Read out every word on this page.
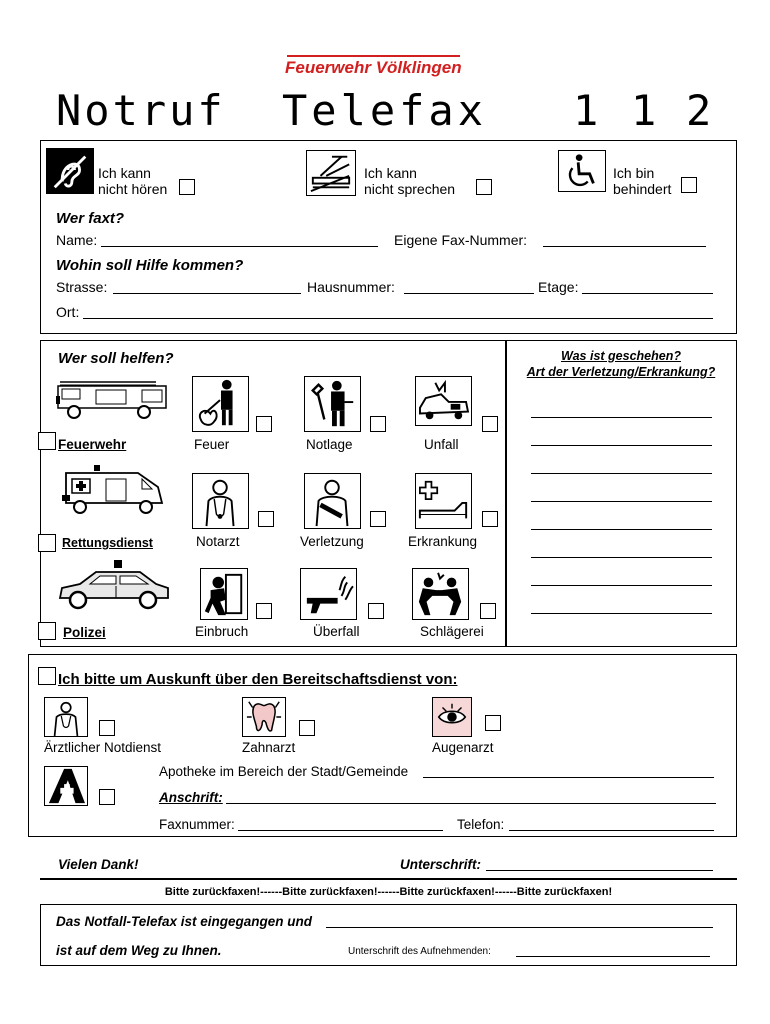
Feuerwehr Völklingen
Notruf Telefax 1 1 2
Ich kann
nicht hören
Ich kann
nicht sprechen
Ich bin
behindert
Wer faxt?
Name:	Eigene Fax-Nummer:
Wohin soll Hilfe kommen?
Strasse:	Hausnummer:	Etage:
Ort:
Wer soll helfen?
Feuerwehr	Feuer	Notlage	Unfall
Rettungsdienst	Notarzt	Verletzung	Erkrankung
Polizei	Einbruch	Überfall	Schlägerei
Was ist geschehen?
Art der Verletzung/Erkrankung?
Ich bitte um Auskunft über den Bereitschaftsdienst von:
Ärztlicher Notdienst	Zahnarzt	Augenarzt
Apotheke im Bereich der Stadt/Gemeinde
Anschrift:
Faxnummer:	Telefon:
Vielen Dank!	Unterschrift:
Bitte zurückfaxen!------Bitte zurückfaxen!------Bitte zurückfaxen!------Bitte zurückfaxen!
Das Notfall-Telefax ist eingegangen und
ist auf dem Weg zu Ihnen.	Unterschrift des Aufnehmenden:
